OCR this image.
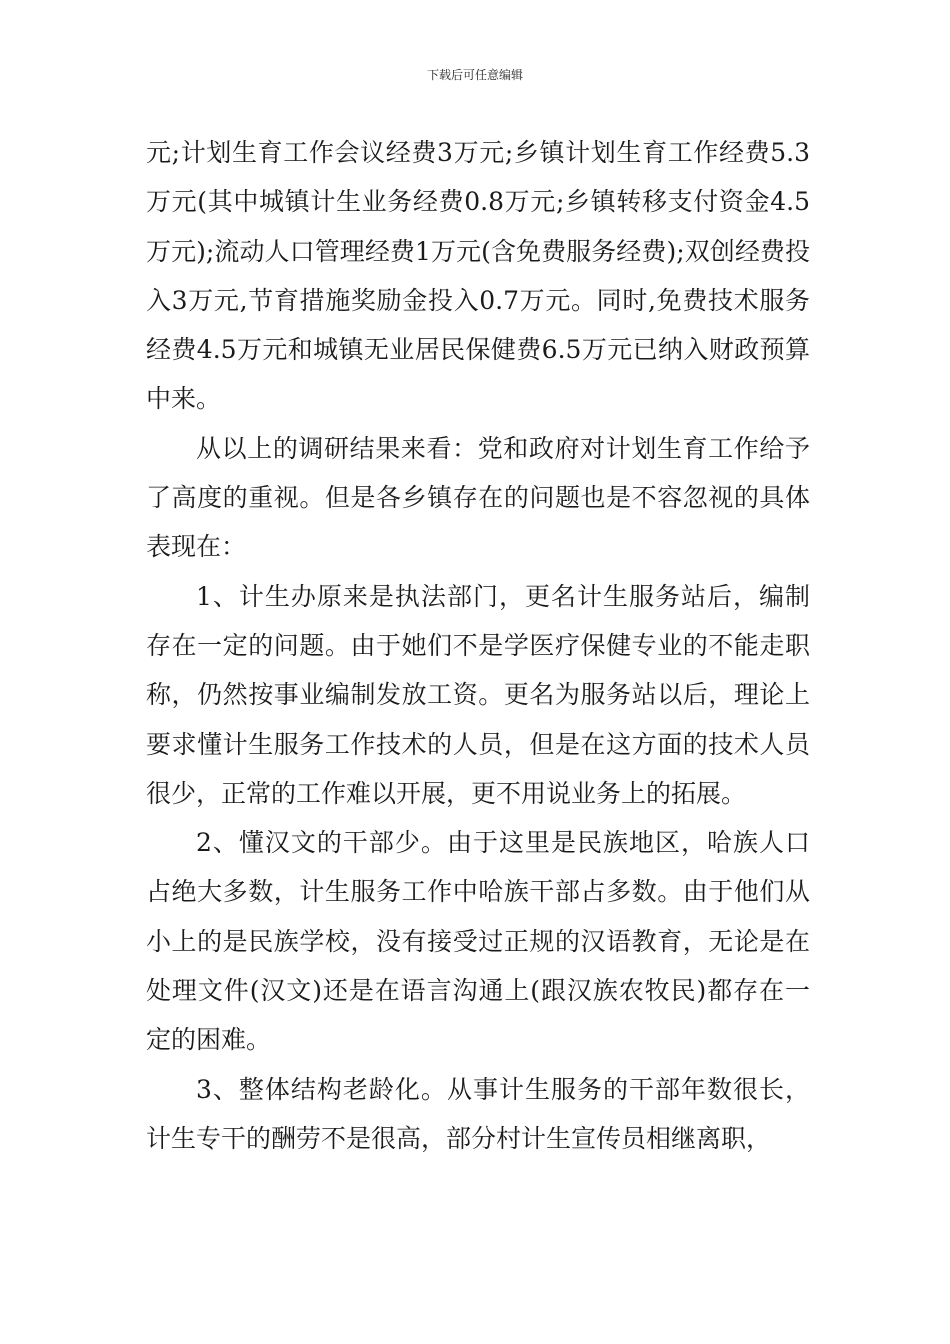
下载后可任意编辑

元;计划生育工作会议经费3万元;乡镇计划生育工作经费5.3万元(其中城镇计生业务经费0.8万元;乡镇转移支付资金4.5万元);流动人口管理经费1万元(含免费服务经费);双创经费投入3万元,节育措施奖励金投入0.7万元。同时,免费技术服务经费4.5万元和城镇无业居民保健费6.5万元已纳入财政预算中来。

从以上的调研结果来看：党和政府对计划生育工作给予了高度的重视。但是各乡镇存在的问题也是不容忽视的具体表现在：

1、计生办原来是执法部门，更名计生服务站后，编制存在一定的问题。由于她们不是学医疗保健专业的不能走职称，仍然按事业编制发放工资。更名为服务站以后，理论上要求懂计生服务工作技术的人员，但是在这方面的技术人员很少，正常的工作难以开展，更不用说业务上的拓展。

2、懂汉文的干部少。由于这里是民族地区，哈族人口占绝大多数，计生服务工作中哈族干部占多数。由于他们从小上的是民族学校，没有接受过正规的汉语教育，无论是在处理文件(汉文)还是在语言沟通上(跟汉族农牧民)都存在一定的困难。

3、整体结构老龄化。从事计生服务的干部年数很长，计生专干的酬劳不是很高，部分村计生宣传员相继离职，
